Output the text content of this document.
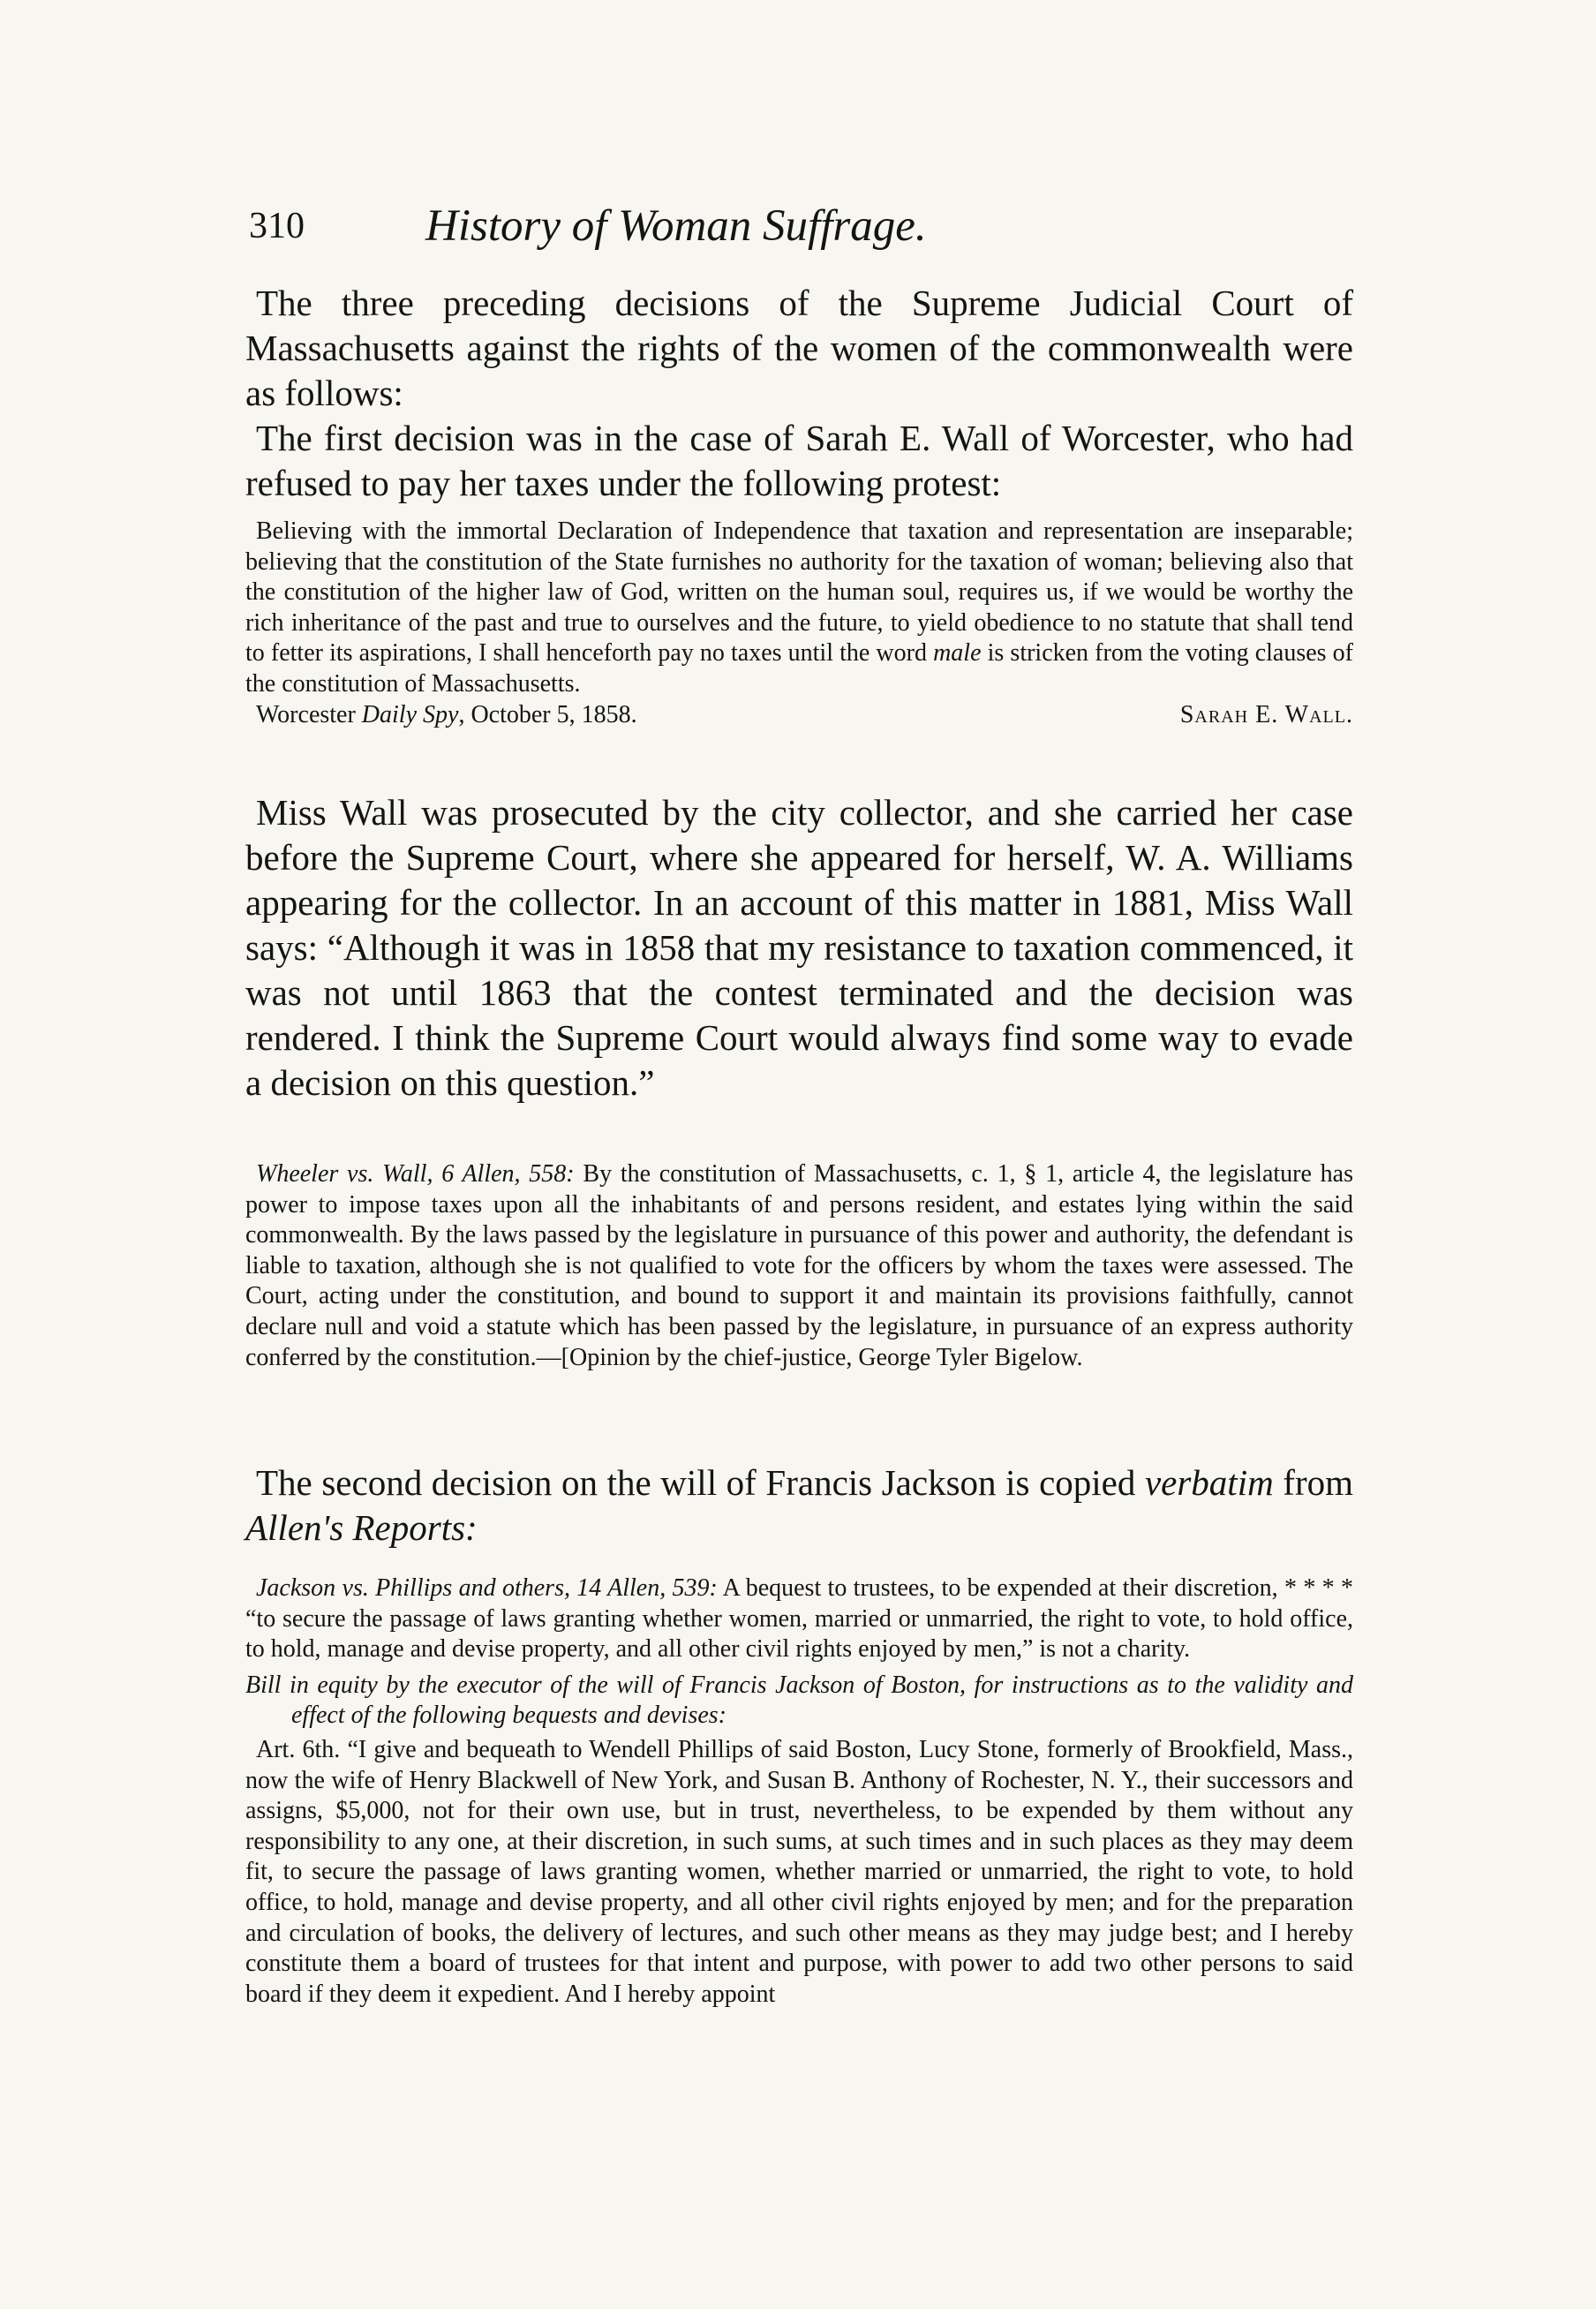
310	History of Woman Suffrage.

The three preceding decisions of the Supreme Judicial Court of Massachusetts against the rights of the women of the commonwealth were as follows:

The first decision was in the case of Sarah E. Wall of Worcester, who had refused to pay her taxes under the following protest:

Believing with the immortal Declaration of Independence that taxation and representation are inseparable; believing that the constitution of the State furnishes no authority for the taxation of woman; believing also that the constitution of the higher law of God, written on the human soul, requires us, if we would be worthy the rich inheritance of the past and true to ourselves and the future, to yield obedience to no statute that shall tend to fetter its aspirations, I shall henceforth pay no taxes until the word male is stricken from the voting clauses of the constitution of Massachusetts.

Worcester Daily Spy, October 5, 1858.	Sarah E. Wall.

Miss Wall was prosecuted by the city collector, and she carried her case before the Supreme Court, where she appeared for herself, W. A. Williams appearing for the collector. In an account of this matter in 1881, Miss Wall says: “Although it was in 1858 that my resistance to taxation commenced, it was not until 1863 that the contest terminated and the decision was rendered. I think the Supreme Court would always find some way to evade a decision on this question.”

Wheeler vs. Wall, 6 Allen, 558: By the constitution of Massachusetts, c. 1, § 1, article 4, the legislature has power to impose taxes upon all the inhabitants of and persons resident, and estates lying within the said commonwealth. By the laws passed by the legislature in pursuance of this power and authority, the defendant is liable to taxation, although she is not qualified to vote for the officers by whom the taxes were assessed. The Court, acting under the constitution, and bound to support it and maintain its provisions faithfully, cannot declare null and void a statute which has been passed by the legislature, in pursuance of an express authority conferred by the constitution.—[Opinion by the chief-justice, George Tyler Bigelow.

The second decision on the will of Francis Jackson is copied verbatim from Allen's Reports:

Jackson vs. Phillips and others, 14 Allen, 539: A bequest to trustees, to be expended at their discretion, * * * * “to secure the passage of laws granting whether women, married or unmarried, the right to vote, to hold office, to hold, manage and devise property, and all other civil rights enjoyed by men,” is not a charity.

Bill in equity by the executor of the will of Francis Jackson of Boston, for instructions as to the validity and effect of the following bequests and devises:

Art. 6th. “I give and bequeath to Wendell Phillips of said Boston, Lucy Stone, formerly of Brookfield, Mass., now the wife of Henry Blackwell of New York, and Susan B. Anthony of Rochester, N. Y., their successors and assigns, $5,000, not for their own use, but in trust, nevertheless, to be expended by them without any responsibility to any one, at their discretion, in such sums, at such times and in such places as they may deem fit, to secure the passage of laws granting women, whether married or unmarried, the right to vote, to hold office, to hold, manage and devise property, and all other civil rights enjoyed by men; and for the preparation and circulation of books, the delivery of lectures, and such other means as they may judge best; and I hereby constitute them a board of trustees for that intent and purpose, with power to add two other persons to said board if they deem it expedient. And I hereby appoint
